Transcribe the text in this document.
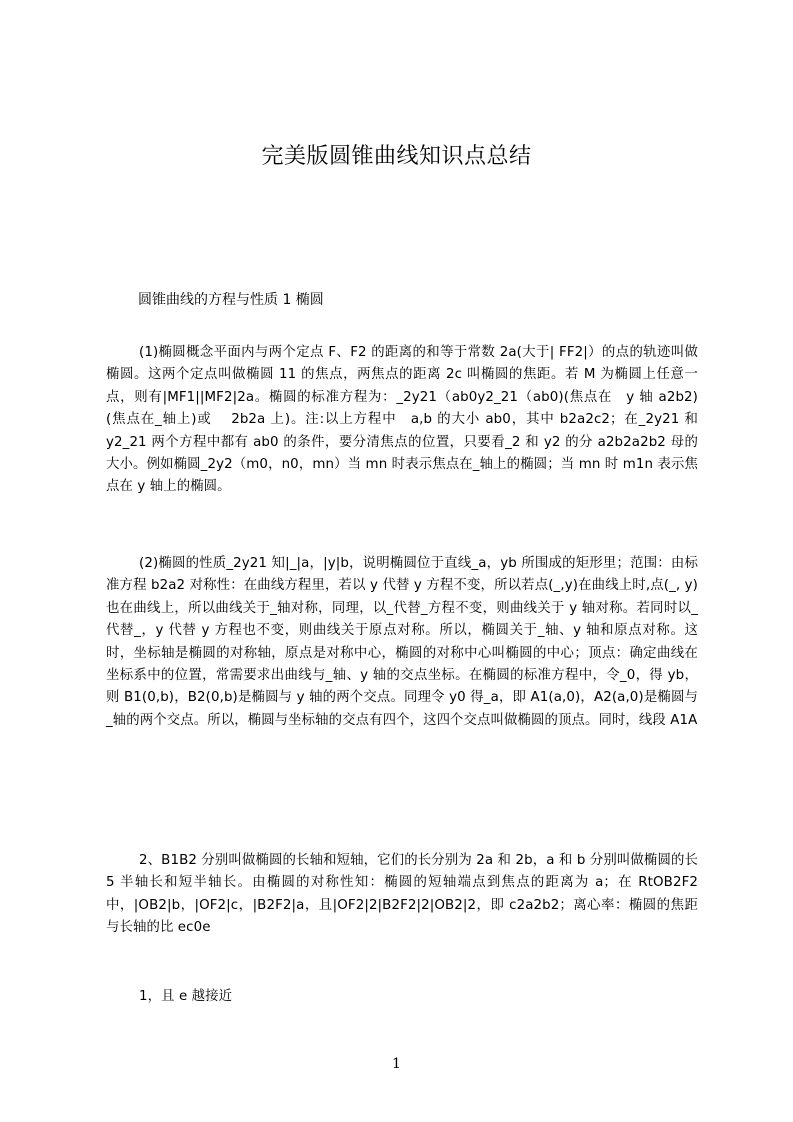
完美版圆锥曲线知识点总结
圆锥曲线的方程与性质 1 椭圆

(1)椭圆概念平面内与两个定点 F、F2 的距离的和等于常数 2a(大于| FF2|）的点的轨迹叫做椭圆。这两个定点叫做椭圆 11 的焦点，两焦点的距离 2c 叫椭圆的焦距。若 M 为椭圆上任意一点，则有|MF1||MF2|2a。椭圆的标准方程为：_2y21（ab0y2_21（ab0)(焦点在　y 轴 a2b2)(焦点在_轴上)或　 2b2a 上)。注:以上方程中　a,b 的大小 ab0，其中 b2a2c2；在_2y21 和 y2_21 两个方程中都有 ab0 的条件，要分清焦点的位置，只要看_2 和 y2 的分 a2b2a2b2 母的大小。例如椭圆_2y2（m0，n0，mn）当 mn 时表示焦点在_轴上的椭圆；当 mn 时 m1n 表示焦点在 y 轴上的椭圆。

(2)椭圆的性质_2y21 知|_|a，|y|b，说明椭圆位于直线_a，yb 所围成的矩形里；范围：由标准方程 b2a2 对称性：在曲线方程里，若以 y 代替 y 方程不变，所以若点(_,y)在曲线上时,点(_, y)也在曲线上，所以曲线关于_轴对称，同理，以_代替_方程不变，则曲线关于 y 轴对称。若同时以_代替_，y 代替 y 方程也不变，则曲线关于原点对称。所以，椭圆关于_轴、y 轴和原点对称。这时，坐标轴是椭圆的对称轴，原点是对称中心，椭圆的对称中心叫椭圆的中心；顶点：确定曲线在坐标系中的位置，常需要求出曲线与_轴、y 轴的交点坐标。在椭圆的标准方程中，令_0，得 yb，则 B1(0,b)，B2(0,b)是椭圆与 y 轴的两个交点。同理令 y0 得_a，即 A1(a,0)，A2(a,0)是椭圆与_轴的两个交点。所以，椭圆与坐标轴的交点有四个，这四个交点叫做椭圆的顶点。同时，线段 A1A

2、B1B2 分别叫做椭圆的长轴和短轴，它们的长分别为 2a 和 2b，a 和 b 分别叫做椭圆的长 5 半轴长和短半轴长。由椭圆的对称性知：椭圆的短轴端点到焦点的距离为 a；在 RtOB2F2 中，|OB2|b，|OF2|c，|B2F2|a，且|OF2|2|B2F2|2|OB2|2，即 c2a2b2；离心率：椭圆的焦距与长轴的比 ec0e

1，且 e 越接近

1
